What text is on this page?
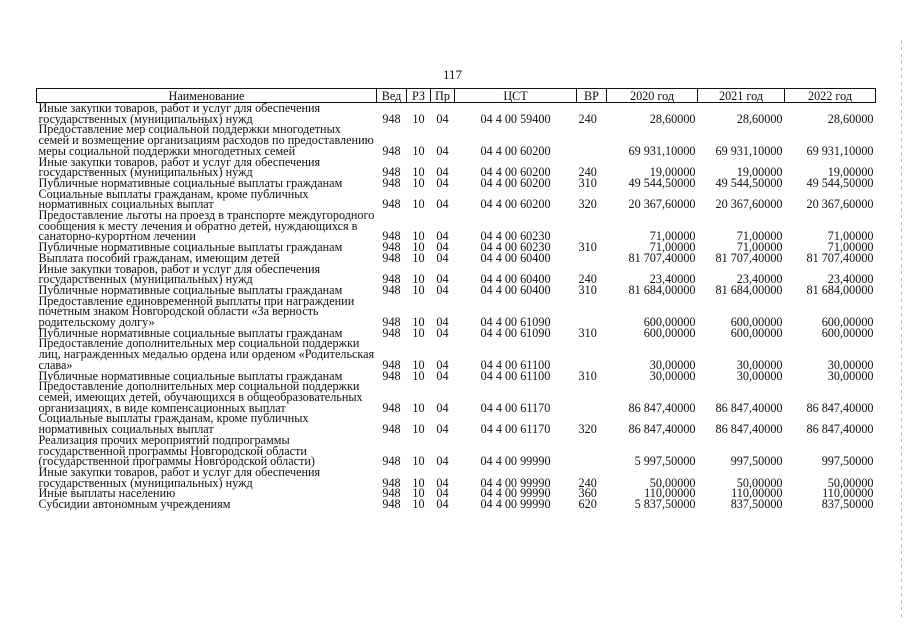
117
Наименование	Вед	РЗ	Пр	ЦСТ	ВР	2020 год	2021 год	2022 год
Иные закупки товаров, работ и услуг для обеспечения государственных (муниципальных) нужд	948	10	04	04 4 00 59400	240	28,60000	28,60000	28,60000
Предоставление мер социальной поддержки многодетных семей и возмещение организациям расходов по предоставлению меры социальной поддержки многодетных семей	948	10	04	04 4 00 60200		69 931,10000	69 931,10000	69 931,10000
Иные закупки товаров, работ и услуг для обеспечения государственных (муниципальных) нужд	948	10	04	04 4 00 60200	240	19,00000	19,00000	19,00000
Публичные нормативные социальные выплаты гражданам	948	10	04	04 4 00 60200	310	49 544,50000	49 544,50000	49 544,50000
Социальные выплаты гражданам, кроме публичных нормативных социальных выплат	948	10	04	04 4 00 60200	320	20 367,60000	20 367,60000	20 367,60000
Предоставление льготы на проезд в транспорте междугородного сообщения к месту лечения и обратно детей, нуждающихся в санаторно-курортном лечении	948	10	04	04 4 00 60230		71,00000	71,00000	71,00000
Публичные нормативные социальные выплаты гражданам	948	10	04	04 4 00 60230	310	71,00000	71,00000	71,00000
Выплата пособий гражданам, имеющим детей	948	10	04	04 4 00 60400		81 707,40000	81 707,40000	81 707,40000
Иные закупки товаров, работ и услуг для обеспечения государственных (муниципальных) нужд	948	10	04	04 4 00 60400	240	23,40000	23,40000	23,40000
Публичные нормативные социальные выплаты гражданам	948	10	04	04 4 00 60400	310	81 684,00000	81 684,00000	81 684,00000
Предоставление единовременной выплаты при награждении почетным знаком Новгородской области «За верность родительскому долгу»	948	10	04	04 4 00 61090		600,00000	600,00000	600,00000
Публичные нормативные социальные выплаты гражданам	948	10	04	04 4 00 61090	310	600,00000	600,00000	600,00000
Предоставление дополнительных мер социальной поддержки лиц, награжденных медалью ордена или орденом «Родительская слава»	948	10	04	04 4 00 61100		30,00000	30,00000	30,00000
Публичные нормативные социальные выплаты гражданам	948	10	04	04 4 00 61100	310	30,00000	30,00000	30,00000
Предоставление дополнительных мер социальной поддержки семей, имеющих детей, обучающихся в общеобразовательных организациях, в виде компенсационных выплат	948	10	04	04 4 00 61170		86 847,40000	86 847,40000	86 847,40000
Социальные выплаты гражданам, кроме публичных нормативных социальных выплат	948	10	04	04 4 00 61170	320	86 847,40000	86 847,40000	86 847,40000
Реализация прочих мероприятий подпрограммы государственной программы Новгородской области (государственной программы Новгородской области)	948	10	04	04 4 00 99990		5 997,50000	997,50000	997,50000
Иные закупки товаров, работ и услуг для обеспечения государственных (муниципальных) нужд	948	10	04	04 4 00 99990	240	50,00000	50,00000	50,00000
Иные выплаты населению	948	10	04	04 4 00 99990	360	110,00000	110,00000	110,00000
Субсидии автономным учреждениям	948	10	04	04 4 00 99990	620	5 837,50000	837,50000	837,50000
